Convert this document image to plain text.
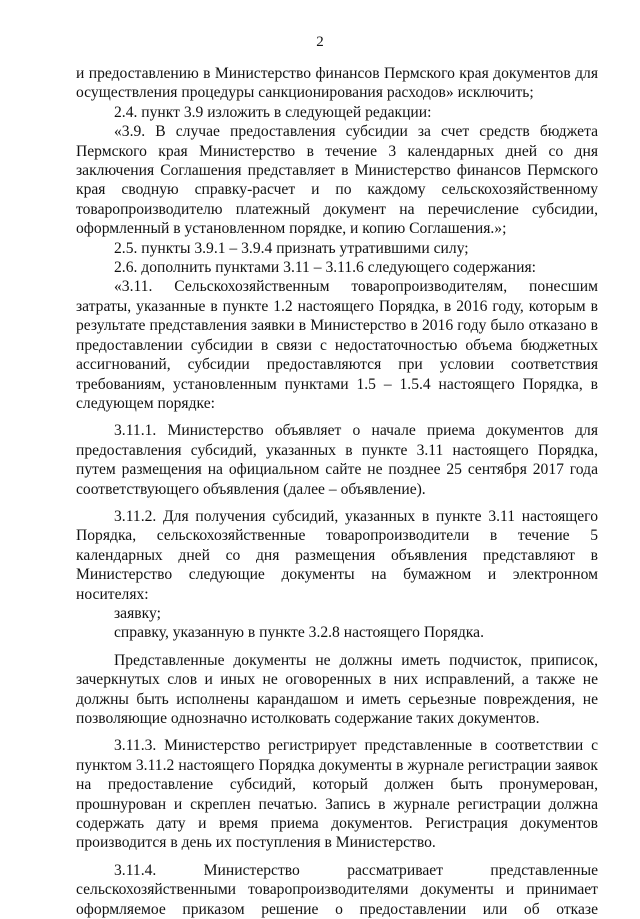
2

и предоставлению в Министерство финансов Пермского края документов для осуществления процедуры санкционирования расходов» исключить;

2.4. пункт 3.9 изложить в следующей редакции:

«3.9. В случае предоставления субсидии за счет средств бюджета Пермского края Министерство в течение 3 календарных дней со дня заключения Соглашения представляет в Министерство финансов Пермского края сводную справку-расчет и по каждому сельскохозяйственному товаропроизводителю платежный документ на перечисление субсидии, оформленный в установленном порядке, и копию Соглашения.»;

2.5. пункты 3.9.1 – 3.9.4 признать утратившими силу;

2.6. дополнить пунктами 3.11 – 3.11.6 следующего содержания:

«3.11. Сельскохозяйственным товаропроизводителям, понесшим затраты, указанные в пункте 1.2 настоящего Порядка, в 2016 году, которым в результате представления заявки в Министерство в 2016 году было отказано в предоставлении субсидии в связи с недостаточностью объема бюджетных ассигнований, субсидии предоставляются при условии соответствия требованиям, установленным пунктами 1.5 – 1.5.4 настоящего Порядка, в следующем порядке:

3.11.1. Министерство объявляет о начале приема документов для предоставления субсидий, указанных в пункте 3.11 настоящего Порядка, путем размещения на официальном сайте не позднее 25 сентября 2017 года соответствующего объявления (далее – объявление).

3.11.2. Для получения субсидий, указанных в пункте 3.11 настоящего Порядка, сельскохозяйственные товаропроизводители в течение 5 календарных дней со дня размещения объявления представляют в Министерство следующие документы на бумажном и электронном носителях:

заявку;

справку, указанную в пункте 3.2.8 настоящего Порядка.

Представленные документы не должны иметь подчисток, приписок, зачеркнутых слов и иных не оговоренных в них исправлений, а также не должны быть исполнены карандашом и иметь серьезные повреждения, не позволяющие однозначно истолковать содержание таких документов.

3.11.3. Министерство регистрирует представленные в соответствии с пунктом 3.11.2 настоящего Порядка документы в журнале регистрации заявок на предоставление субсидий, который должен быть пронумерован, прошнурован и скреплен печатью. Запись в журнале регистрации должна содержать дату и время приема документов. Регистрация документов производится в день их поступления в Министерство.

3.11.4. Министерство рассматривает представленные сельскохозяйственными товаропроизводителями документы и принимает оформляемое приказом решение о предоставлении или об отказе
